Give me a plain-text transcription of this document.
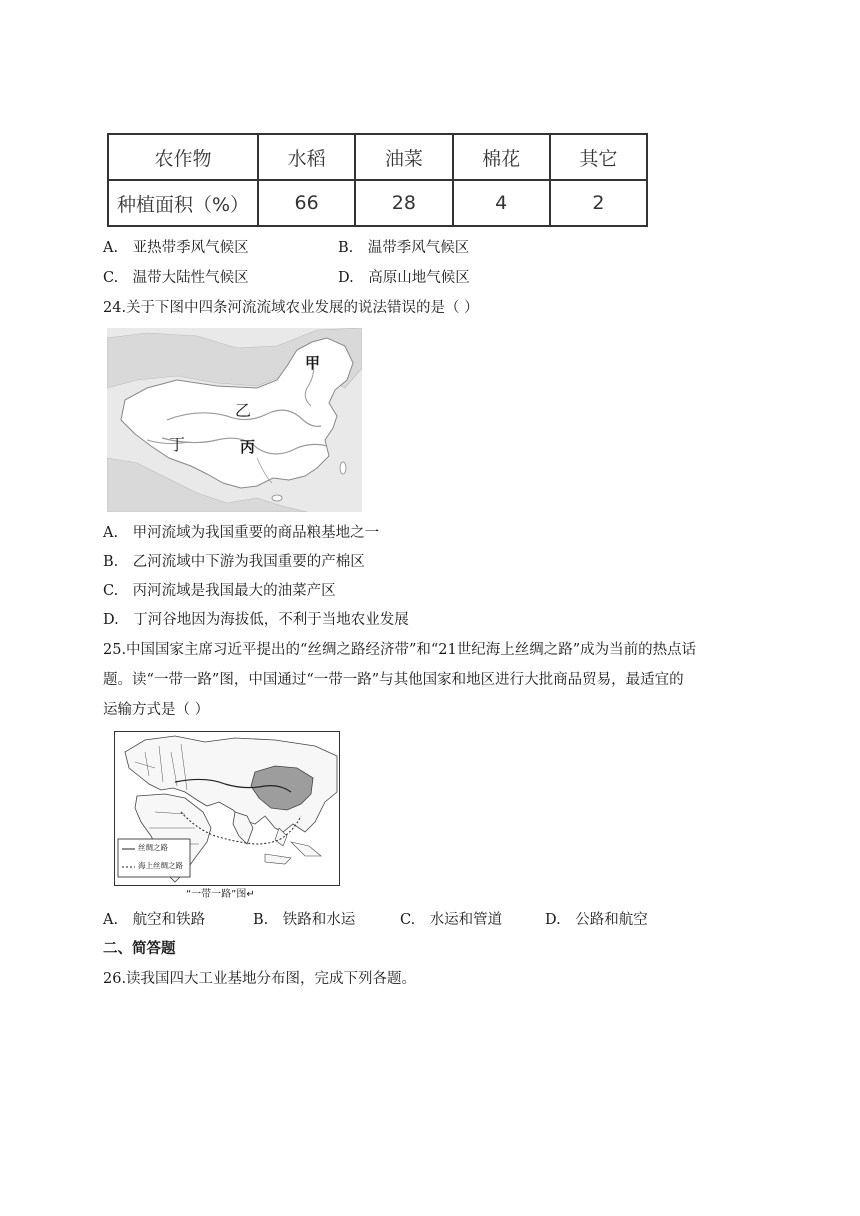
农作物	水稻	油菜	棉花	其它
种植面积（%）	66	28	4	2
A.　亚热带季风气候区	B.　温带季风气候区
C.　温带大陆性气候区	D.　高原山地气候区
24.关于下图中四条河流流域农业发展的说法错误的是（ ）
甲
乙
丙
丁
A.　甲河流域为我国重要的商品粮基地之一
B.　乙河流域中下游为我国重要的产棉区
C.　丙河流域是我国最大的油菜产区
D.　丁河谷地因为海拔低，不利于当地农业发展
25.中国国家主席习近平提出的“丝绸之路经济带”和“21世纪海上丝绸之路”成为当前的热点话
题。读“一带一路”图，中国通过“一带一路”与其他国家和地区进行大批商品贸易，最适宜的
运输方式是（ ）
丝绸之路
海上丝绸之路
“一带一路”图↵
A.　航空和铁路	B.　铁路和水运	C.　水运和管道	D.　公路和航空
二、简答题
26.读我国四大工业基地分布图，完成下列各题。
